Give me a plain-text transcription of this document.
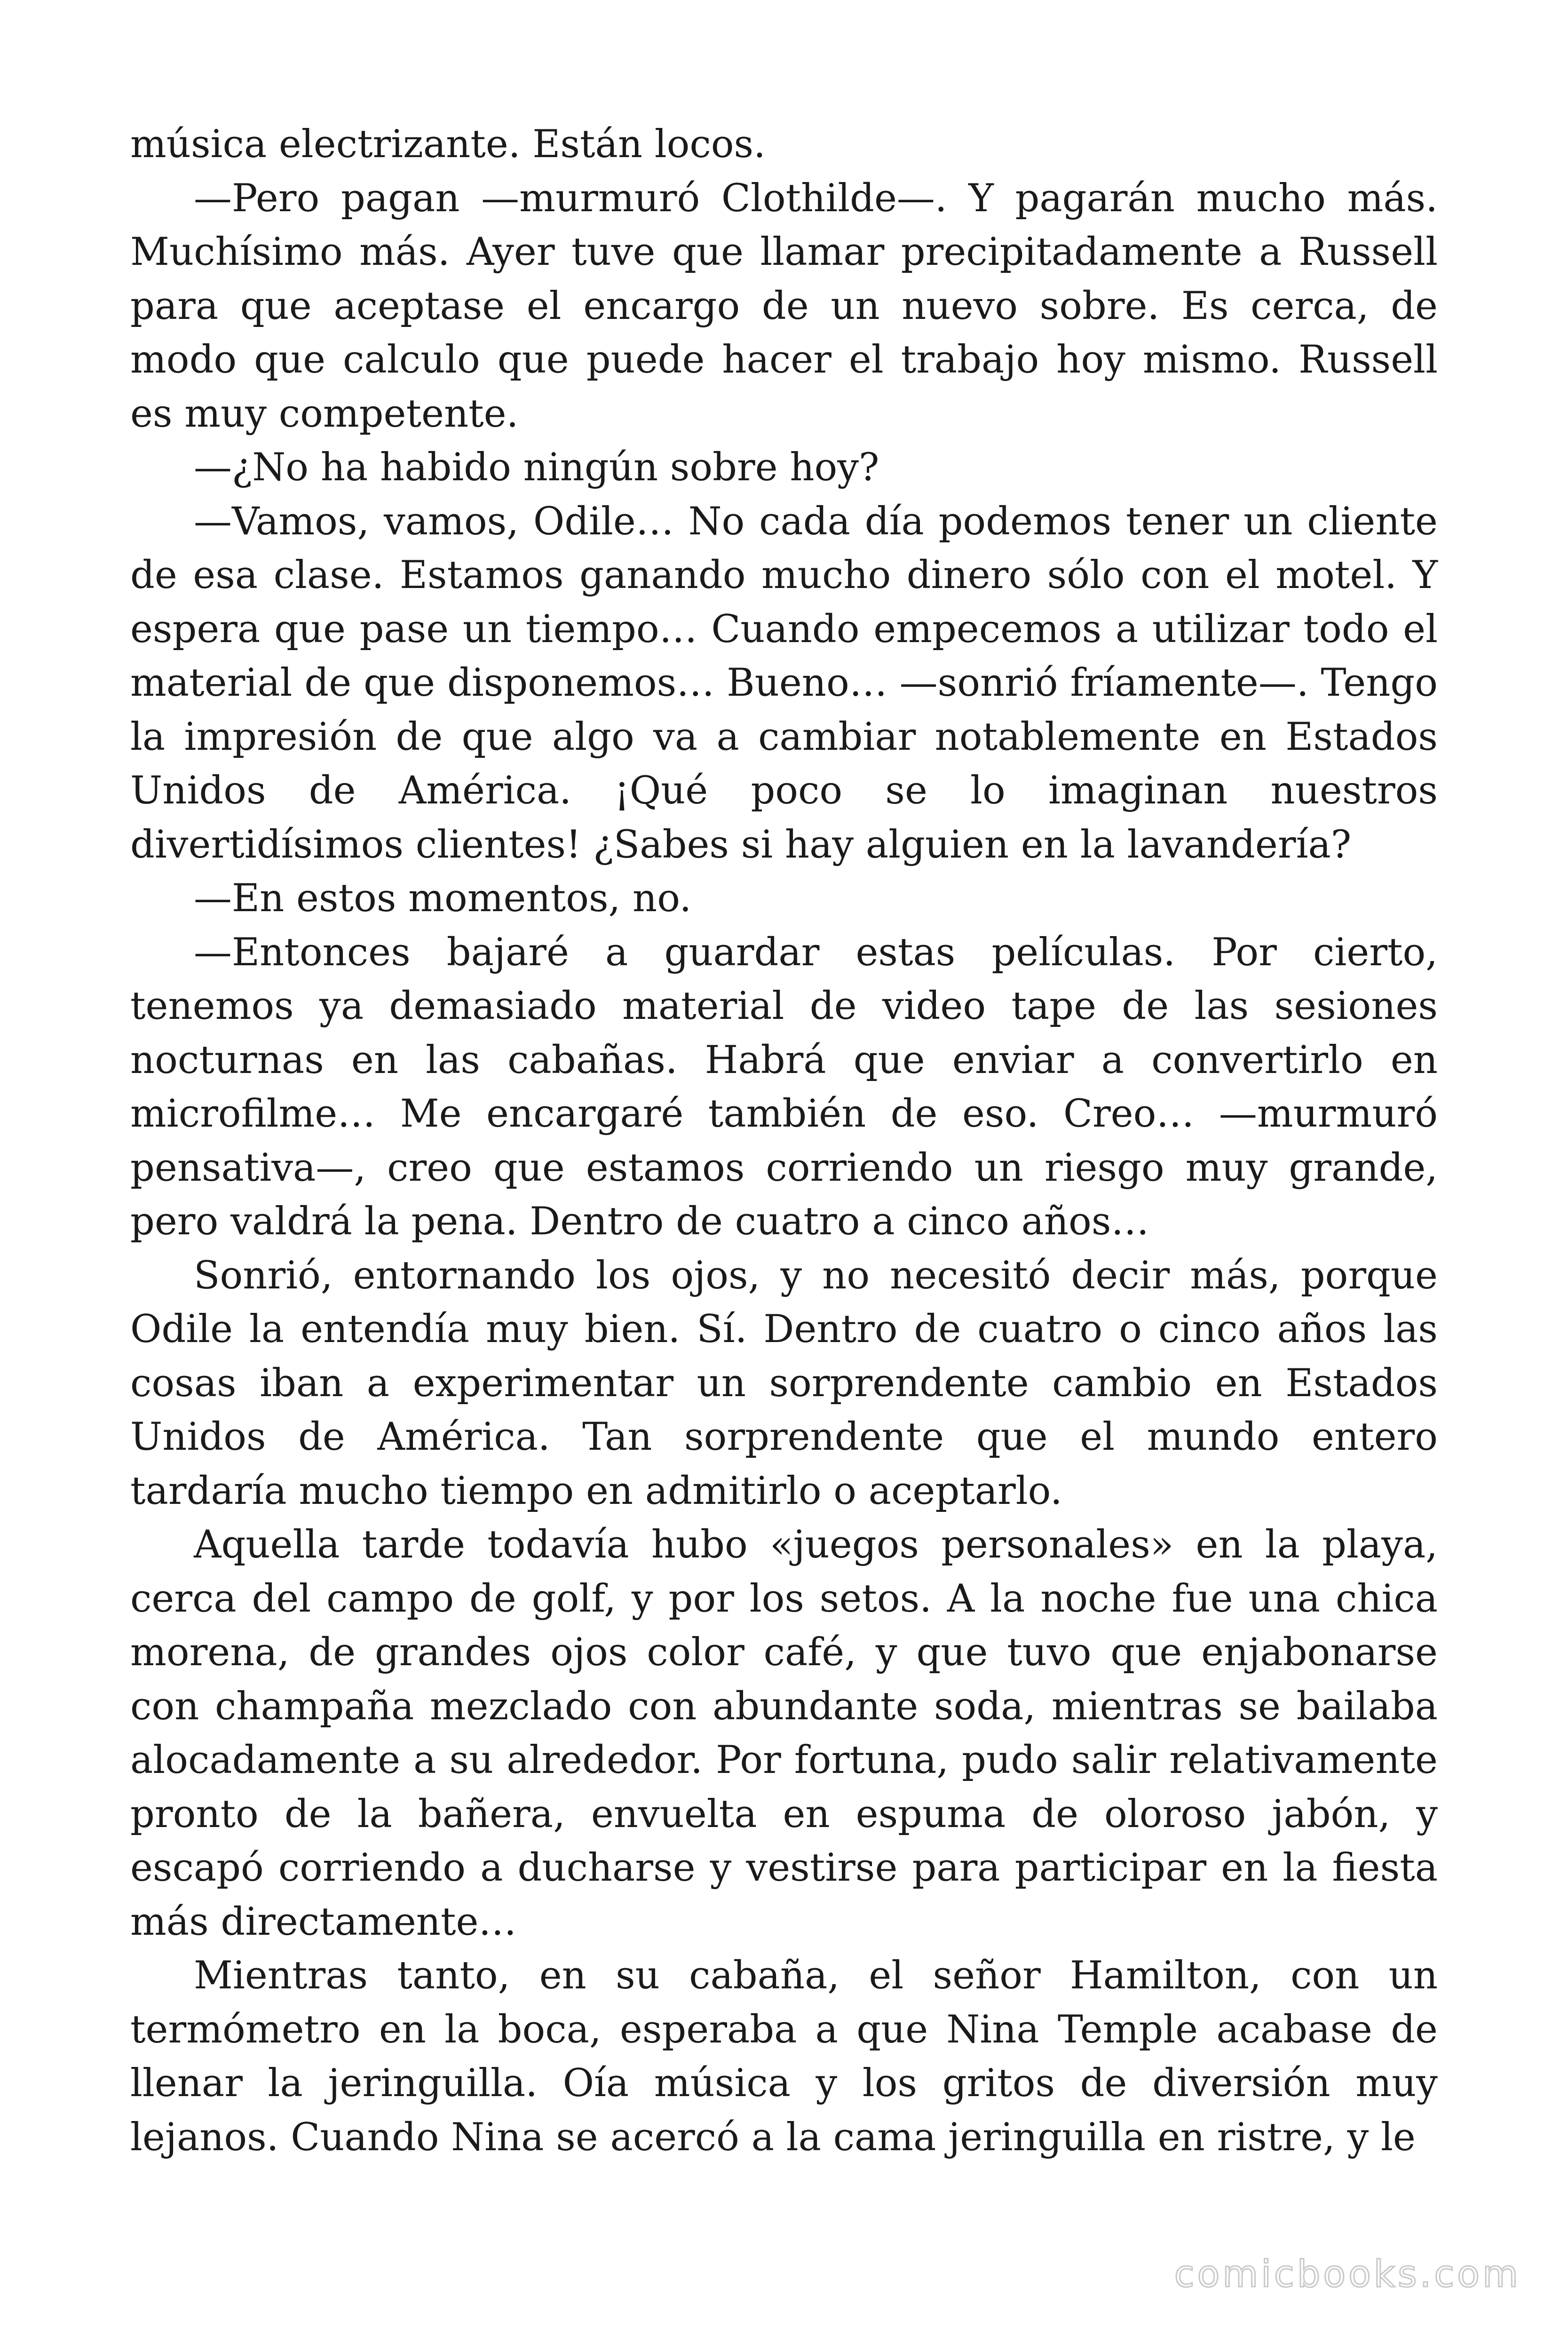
música electrizante. Están locos.

—Pero pagan —murmuró Clothilde—. Y pagarán mucho más. Muchísimo más. Ayer tuve que llamar precipitadamente a Russell para que aceptase el encargo de un nuevo sobre. Es cerca, de modo que calculo que puede hacer el trabajo hoy mismo. Russell es muy competente.

—¿No ha habido ningún sobre hoy?

—Vamos, vamos, Odile… No cada día podemos tener un cliente de esa clase. Estamos ganando mucho dinero sólo con el motel. Y espera que pase un tiempo… Cuando empecemos a utilizar todo el material de que disponemos… Bueno… —sonrió fríamente—. Tengo la impresión de que algo va a cambiar notablemente en Estados Unidos de América. ¡Qué poco se lo imaginan nuestros divertidísimos clientes! ¿Sabes si hay alguien en la lavandería?

—En estos momentos, no.

—Entonces bajaré a guardar estas películas. Por cierto, tenemos ya demasiado material de video tape de las sesiones nocturnas en las cabañas. Habrá que enviar a convertirlo en microfilme… Me encargaré también de eso. Creo… —murmuró pensativa—, creo que estamos corriendo un riesgo muy grande, pero valdrá la pena. Dentro de cuatro a cinco años…

Sonrió, entornando los ojos, y no necesitó decir más, porque Odile la entendía muy bien. Sí. Dentro de cuatro o cinco años las cosas iban a experimentar un sorprendente cambio en Estados Unidos de América. Tan sorprendente que el mundo entero tardaría mucho tiempo en admitirlo o aceptarlo.

Aquella tarde todavía hubo «juegos personales» en la playa, cerca del campo de golf, y por los setos. A la noche fue una chica morena, de grandes ojos color café, y que tuvo que enjabonarse con champaña mezclado con abundante soda, mientras se bailaba alocadamente a su alrededor. Por fortuna, pudo salir relativamente pronto de la bañera, envuelta en espuma de oloroso jabón, y escapó corriendo a ducharse y vestirse para participar en la fiesta más directamente…

Mientras tanto, en su cabaña, el señor Hamilton, con un termómetro en la boca, esperaba a que Nina Temple acabase de llenar la jeringuilla. Oía música y los gritos de diversión muy lejanos. Cuando Nina se acercó a la cama jeringuilla en ristre, y le

comicbooks.com
